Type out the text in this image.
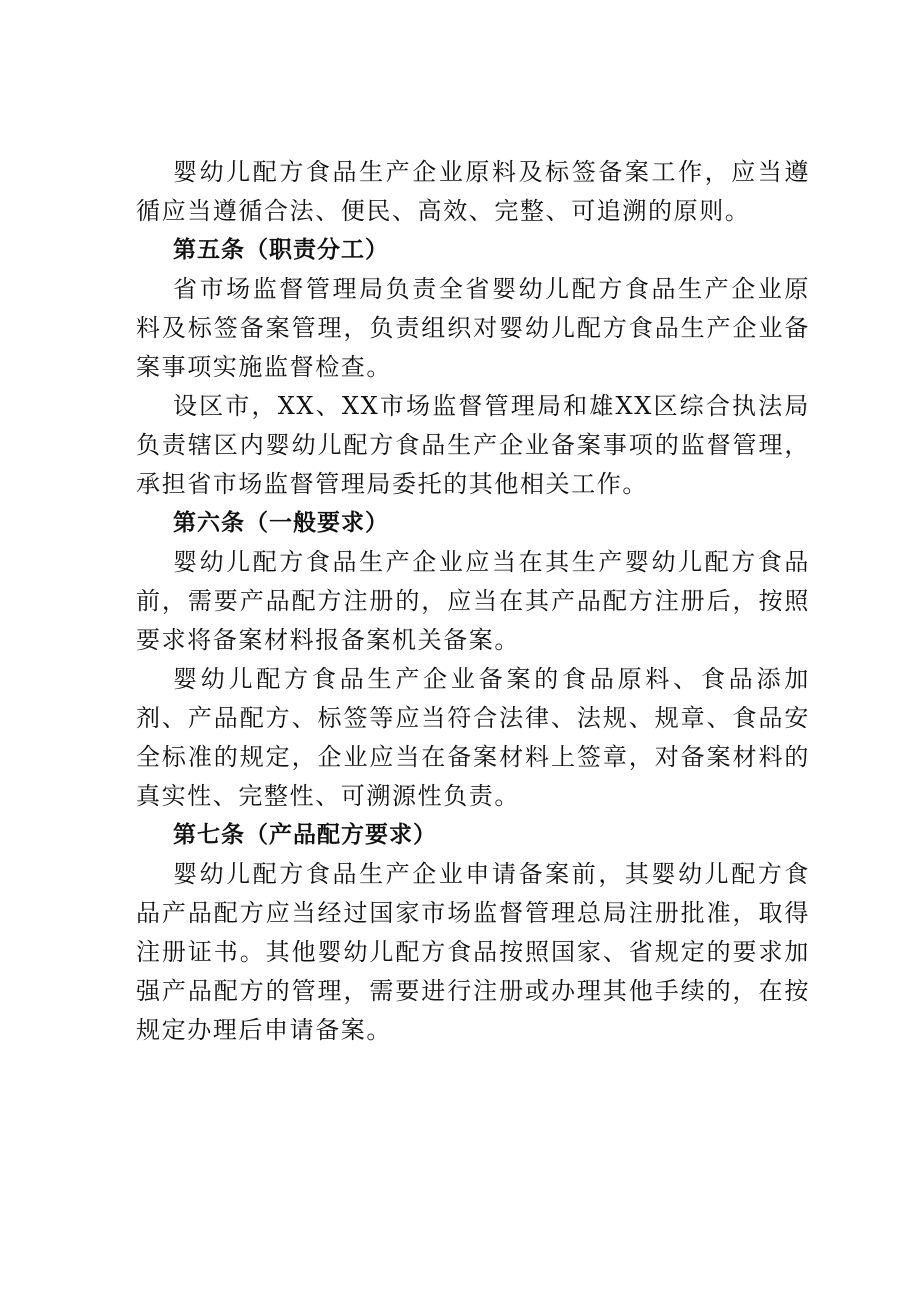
婴幼儿配方食品生产企业原料及标签备案工作，应当遵循应当遵循合法、便民、高效、完整、可追溯的原则。

第五条（职责分工）

省市场监督管理局负责全省婴幼儿配方食品生产企业原料及标签备案管理，负责组织对婴幼儿配方食品生产企业备案事项实施监督检查。

设区市，XX、XX市场监督管理局和雄XX区综合执法局负责辖区内婴幼儿配方食品生产企业备案事项的监督管理，承担省市场监督管理局委托的其他相关工作。

第六条（一般要求）

婴幼儿配方食品生产企业应当在其生产婴幼儿配方食品前，需要产品配方注册的，应当在其产品配方注册后，按照要求将备案材料报备案机关备案。

婴幼儿配方食品生产企业备案的食品原料、食品添加剂、产品配方、标签等应当符合法律、法规、规章、食品安全标准的规定，企业应当在备案材料上签章，对备案材料的真实性、完整性、可溯源性负责。

第七条（产品配方要求）

婴幼儿配方食品生产企业申请备案前，其婴幼儿配方食品产品配方应当经过国家市场监督管理总局注册批准，取得注册证书。其他婴幼儿配方食品按照国家、省规定的要求加强产品配方的管理，需要进行注册或办理其他手续的，在按规定办理后申请备案。
